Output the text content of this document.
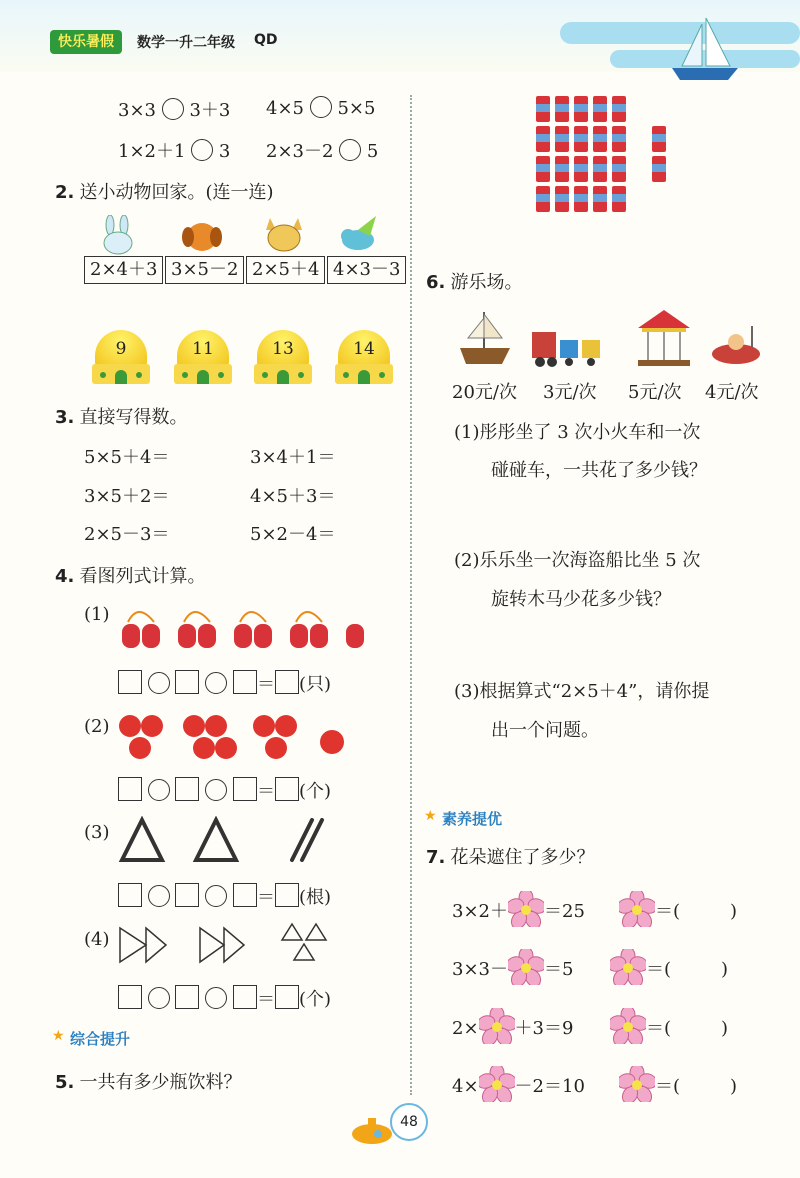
快乐暑假	数学一升二年级 QD
3×3 3＋3 4×5 5×5
1×2＋1 3 2×3－2 5
2. 送小动物回家。(连一连)
2×4＋3 3×5－2 2×5＋4 4×3－3
9	11	13	14
3. 直接写得数。
5×5＋4＝	3×4＋1＝
3×5＋2＝	4×5＋3＝
2×5－3＝	5×2－4＝
4. 看图列式计算。
(1)
＝ (只)
(2)
＝ (个)
(3)
＝ (根)
(4)
＝ (个)
★ 综合提升
5. 一共有多少瓶饮料？
6. 游乐场。
20元/次 3元/次 5元/次 4元/次
(1)彤彤坐了 3 次小火车和一次
碰碰车，一共花了多少钱？
(2)乐乐坐一次海盗船比坐 5 次
旋转木马少花多少钱？
(3)根据算式“2×5＋4”，请你提
出一个问题。
★ 素养提优
7. 花朵遮住了多少？
3×2＋ ＝25	＝(	)
3×3－ ＝5	＝(	)
2× ＋3＝9	＝(	)
4× －2＝10	＝(	)
48
